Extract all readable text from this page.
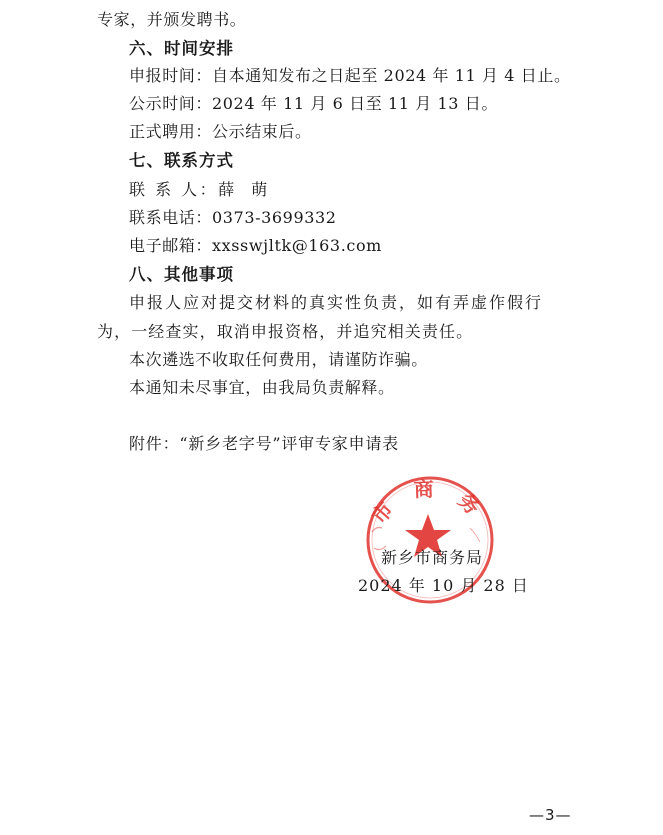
专家，并颁发聘书。
六、时间安排
申报时间：自本通知发布之日起至 2024 年 11 月 4 日止。
公示时间：2024 年 11 月 6 日至 11 月 13 日。
正式聘用：公示结束后。
七、联系方式
联 系 人：薛 萌
联系电话：0373-3699332
电子邮箱：xxsswjltk@163.com
八、其他事项
申报人应对提交材料的真实性负责，如有弄虚作假行
为，一经查实，取消申报资格，并追究相关责任。
本次遴选不收取任何费用，请谨防诈骗。
本通知未尽事宜，由我局负责解释。
附件：“新乡老字号”评审专家申请表
市 商 务
新乡市商务局
2024 年 10 月 28 日
—3—
